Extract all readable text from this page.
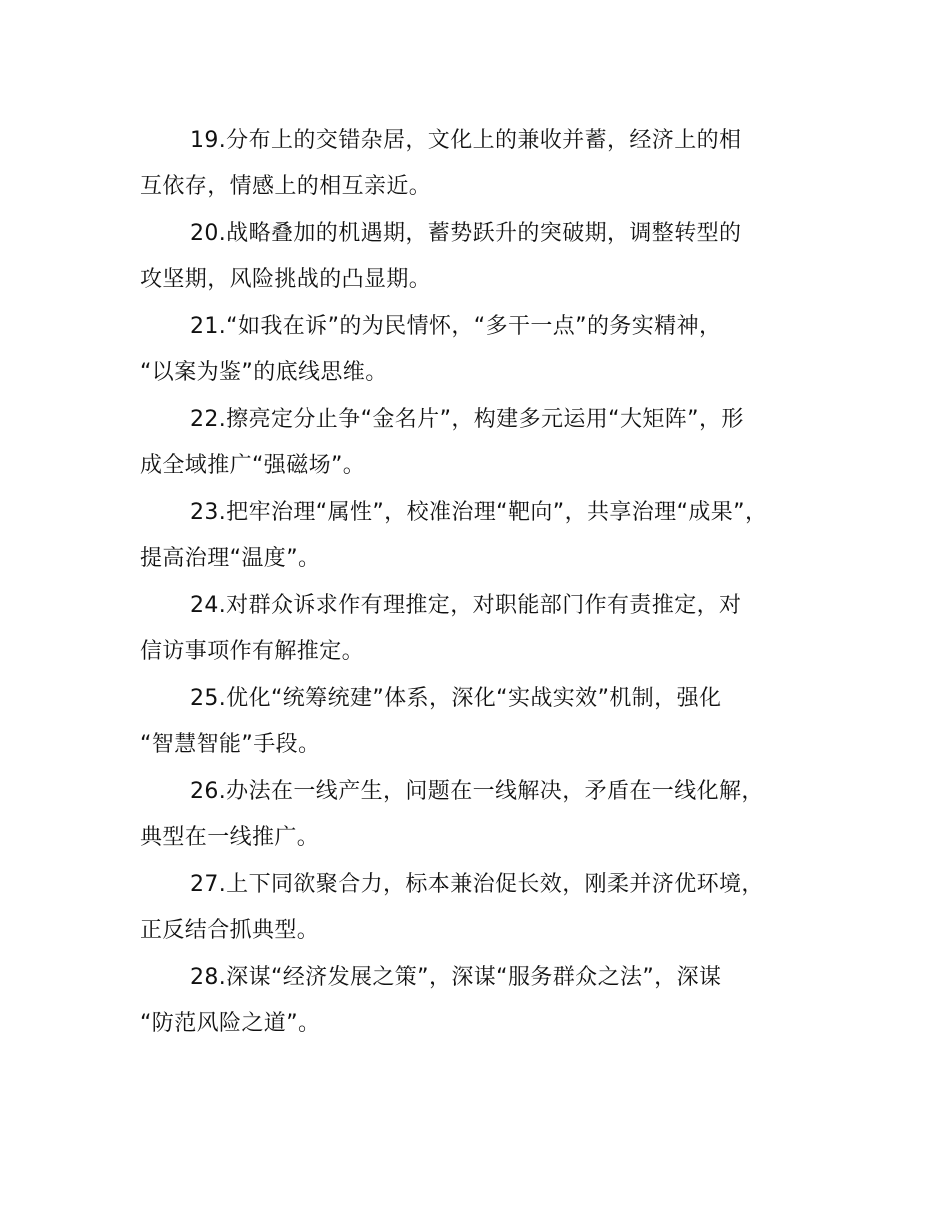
19.分布上的交错杂居，文化上的兼收并蓄，经济上的相
互依存，情感上的相互亲近。

20.战略叠加的机遇期，蓄势跃升的突破期，调整转型的
攻坚期，风险挑战的凸显期。

21.“如我在诉”的为民情怀，“多干一点”的务实精神，
“以案为鉴”的底线思维。

22.擦亮定分止争“金名片”，构建多元运用“大矩阵”，形
成全域推广“强磁场”。

23.把牢治理“属性”，校准治理“靶向”，共享治理“成果”，
提高治理“温度”。

24.对群众诉求作有理推定，对职能部门作有责推定，对
信访事项作有解推定。

25.优化“统筹统建”体系，深化“实战实效”机制，强化
“智慧智能”手段。

26.办法在一线产生，问题在一线解决，矛盾在一线化解，
典型在一线推广。

27.上下同欲聚合力，标本兼治促长效，刚柔并济优环境，
正反结合抓典型。

28.深谋“经济发展之策”，深谋“服务群众之法”，深谋
“防范风险之道”。
